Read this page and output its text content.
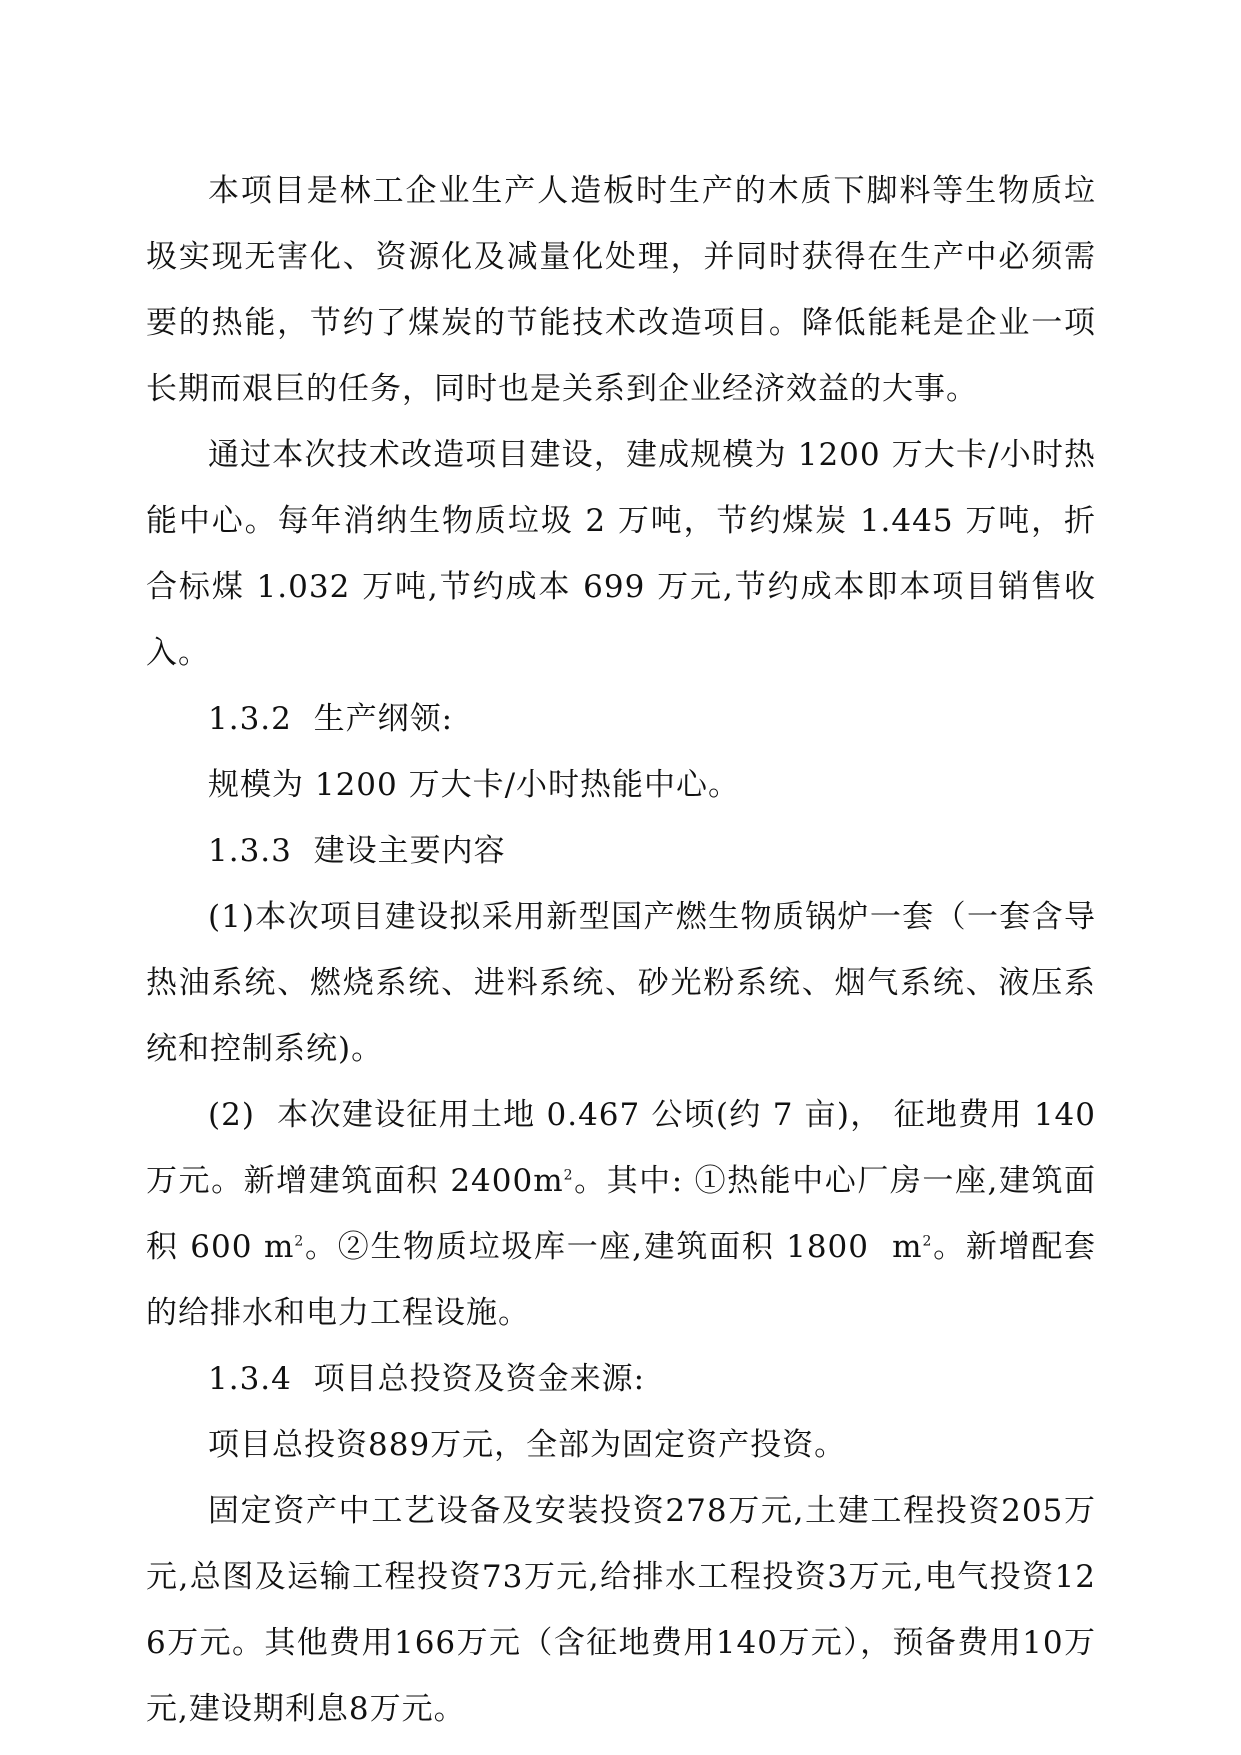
本项目是林工企业生产人造板时生产的木质下脚料等生物质垃圾实现无害化、资源化及减量化处理，并同时获得在生产中必须需要的热能，节约了煤炭的节能技术改造项目。降低能耗是企业一项长期而艰巨的任务，同时也是关系到企业经济效益的大事。

通过本次技术改造项目建设，建成规模为 1200 万大卡/小时热能中心。每年消纳生物质垃圾 2 万吨，节约煤炭 1.445 万吨，折合标煤 1.032 万吨,节约成本 699 万元,节约成本即本项目销售收入。

1.3.2  生产纲领:

规模为 1200 万大卡/小时热能中心。

1.3.3  建设主要内容

(1)本次项目建设拟采用新型国产燃生物质锅炉一套（一套含导热油系统、燃烧系统、进料系统、砂光粉系统、烟气系统、液压系统和控制系统)。

(2)  本次建设征用土地 0.467 公顷(约 7 亩)， 征地费用 140 万元。新增建筑面积 $2400m^2$。其中: ①热能中心厂房一座,建筑面积 600 $m^2$。②生物质垃圾库一座,建筑面积 1800  $m^2$。新增配套的给排水和电力工程设施。

1.3.4  项目总投资及资金来源:

项目总投资889万元，全部为固定资产投资。

固定资产中工艺设备及安装投资278万元,土建工程投资205万元,总图及运输工程投资73万元,给排水工程投资3万元,电气投资126万元。其他费用166万元（含征地费用140万元），预备费用10万元,建设期利息8万元。
